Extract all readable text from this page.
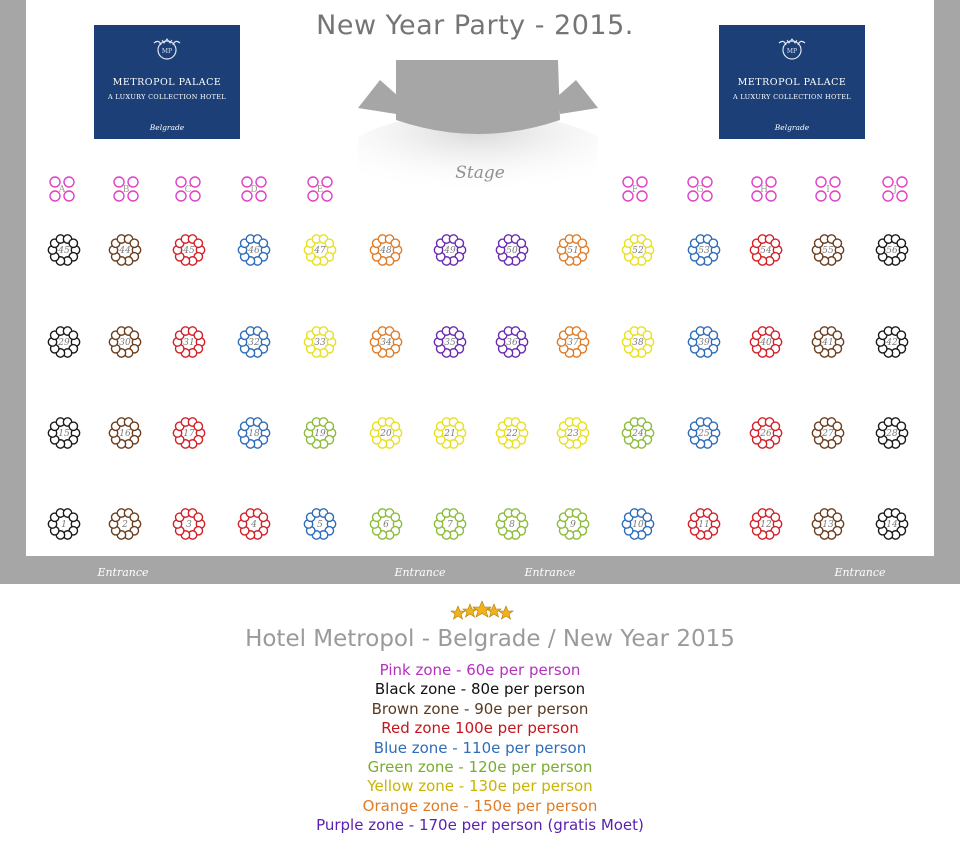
New Year Party - 2015.
MP
METROPOL PALACE
A LUXURY COLLECTION HOTEL
Belgrade
MP
METROPOL PALACE
A LUXURY COLLECTION HOTEL
Belgrade
Stage
Entrance	Entrance	Entrance	Entrance
A	B	C	D	E	F	G	H	I	J
45	44	45	46	47	48	49	50	51	52	53	54	55	56
29	30	31	32	33	34	35	36	37	38	39	40	41	42
15	16	17	18	19	20	21	22	23	24	25	26	27	28
1	2	3	4	5	6	7	8	9	10	11	12	13	14
Hotel Metropol - Belgrade / New Year 2015
Pink zone - 60e per person
Black zone - 80e per person
Brown zone - 90e per person
Red zone 100e per person
Blue zone - 110e per person
Green zone - 120e per person
Yellow zone - 130e per person
Orange zone - 150e per person
Purple zone - 170e per person (gratis Moet)
